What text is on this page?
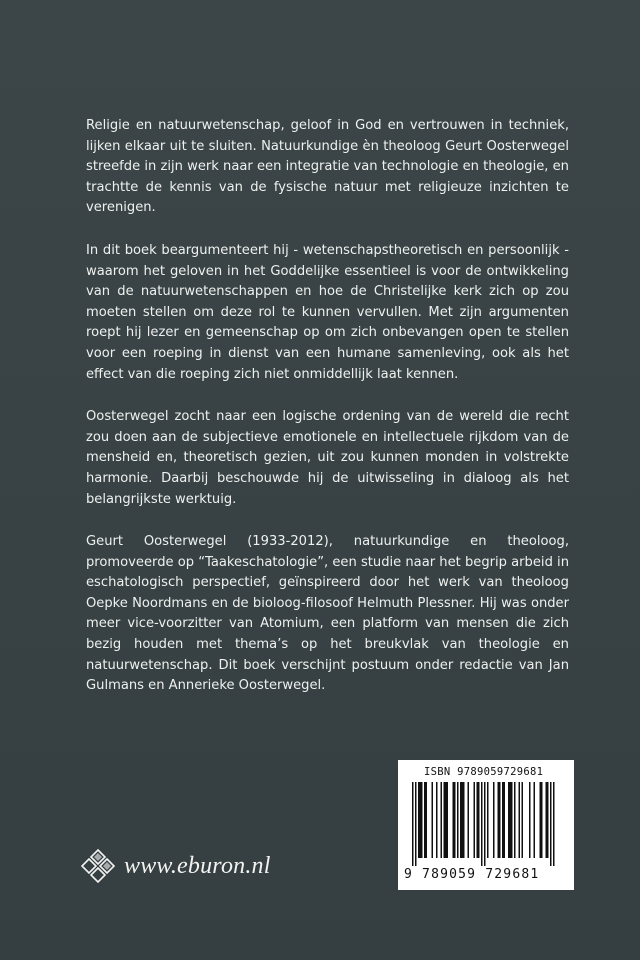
Religie en natuurwetenschap, geloof in God en vertrouwen in techniek, lijken elkaar uit te sluiten. Natuurkundige èn theoloog Geurt Oosterwegel streefde in zijn werk naar een integratie van technologie en theologie, en trachtte de kennis van de fysische natuur met religieuze inzichten te verenigen.

In dit boek beargumenteert hij - wetenschapstheoretisch en persoonlijk - waarom het geloven in het Goddelijke essentieel is voor de ontwikkeling van de natuurwetenschappen en hoe de Christelijke kerk zich op zou moeten stellen om deze rol te kunnen vervullen. Met zijn argumenten roept hij lezer en gemeenschap op om zich onbevangen open te stellen voor een roeping in dienst van een humane samenleving, ook als het effect van die roeping zich niet onmiddellijk laat kennen.

Oosterwegel zocht naar een logische ordening van de wereld die recht zou doen aan de subjectieve emotionele en intellectuele rijkdom van de mensheid en, theoretisch gezien, uit zou kunnen monden in volstrekte harmonie. Daarbij beschouwde hij de uitwisseling in dialoog als het belangrijkste werktuig.

Geurt Oosterwegel (1933-2012), natuurkundige en theoloog, promoveerde op “Taakeschatologie”, een studie naar het begrip arbeid in eschatologisch perspectief, geïnspireerd door het werk van theoloog Oepke Noordmans en de bioloog-filosoof Helmuth Plessner. Hij was onder meer vice-voorzitter van Atomium, een platform van mensen die zich bezig houden met thema’s op het breukvlak van theologie en natuurwetenschap. Dit boek verschijnt postuum onder redactie van Jan Gulmans en Annerieke Oosterwegel.

ISBN 9789059729681
9 789059 729681
www.eburon.nl
